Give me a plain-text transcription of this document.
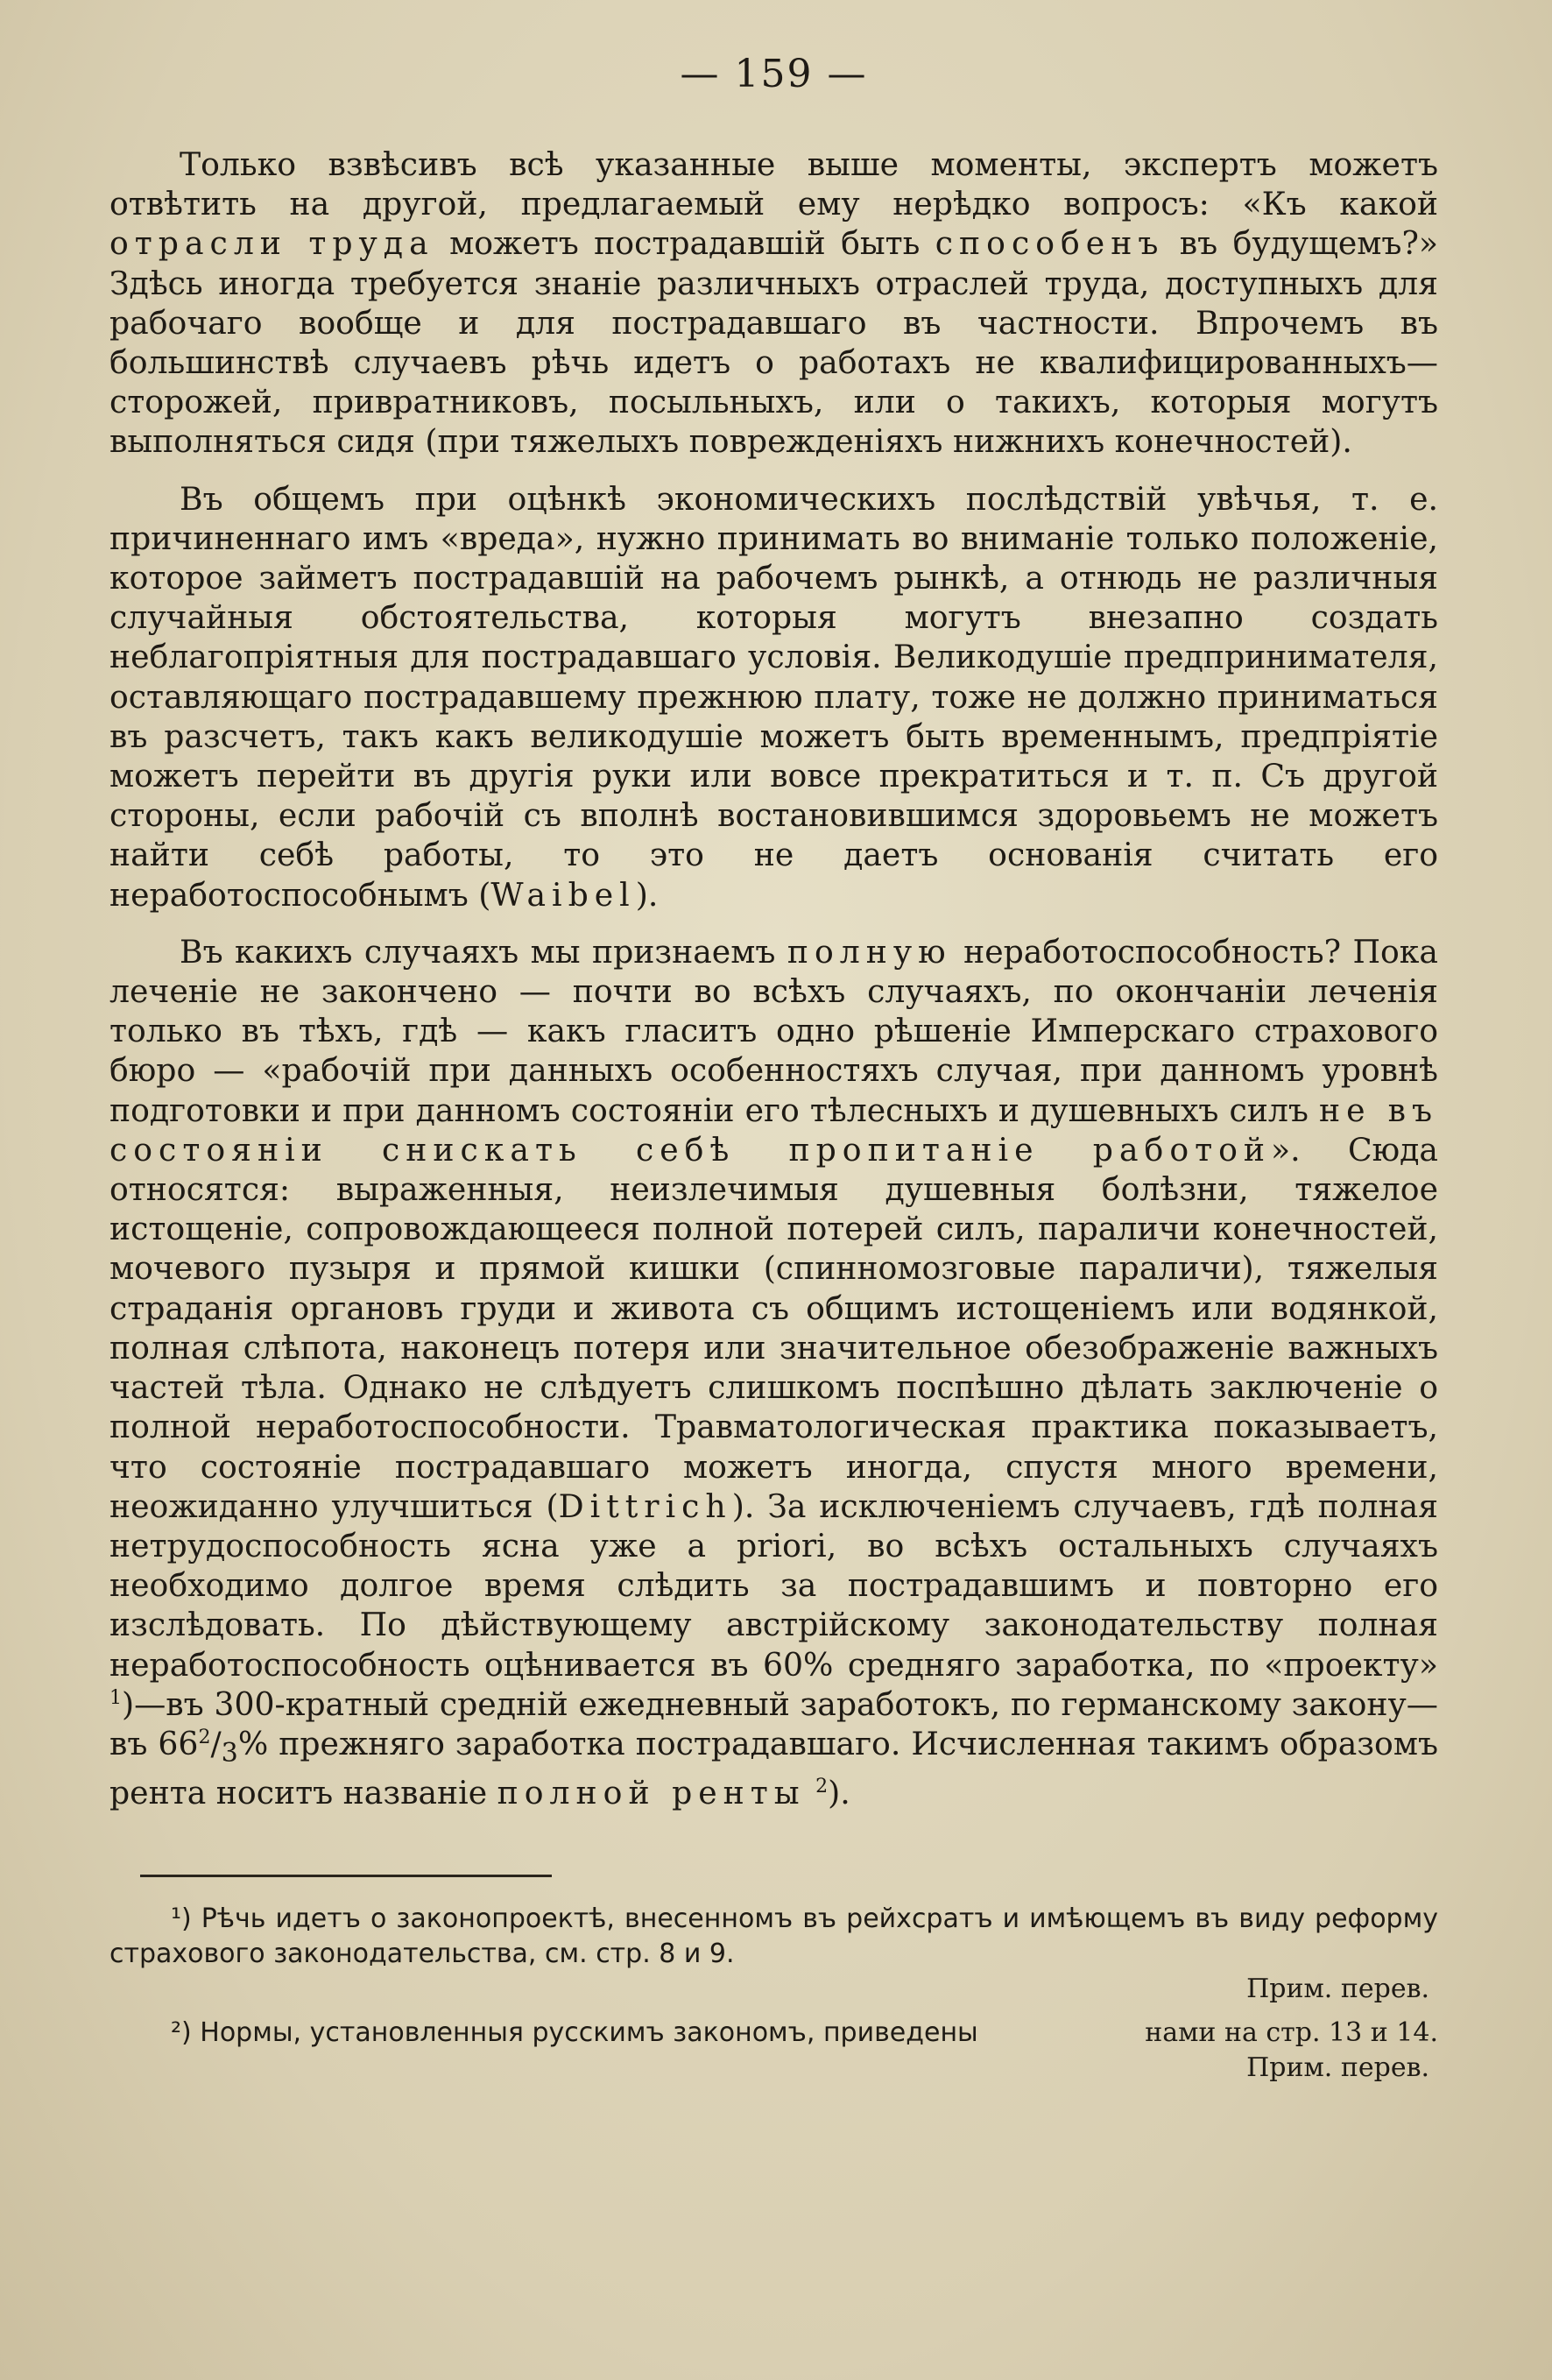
— 159 —

Только взвѣсивъ всѣ указанные выше моменты, экспертъ можетъ отвѣтить на другой, предлагаемый ему нерѣдко вопросъ: «Къ какой отрасли труда можетъ пострадавшій быть способенъ въ будущемъ?» Здѣсь иногда требуется знаніе различныхъ отраслей труда, доступныхъ для рабочаго вообще и для пострадавшаго въ частности. Впрочемъ въ большинствѣ случаевъ рѣчь идетъ о работахъ не квалифицированныхъ—сторожей, привратниковъ, посыльныхъ, или о такихъ, которыя могутъ выполняться сидя (при тяжелыхъ поврежденіяхъ нижнихъ конечностей).

Въ общемъ при оцѣнкѣ экономическихъ послѣдствій увѣчья, т. е. причиненнаго имъ «вреда», нужно принимать во вниманіе только положеніе, которое займетъ пострадавшій на рабочемъ рынкѣ, а отнюдь не различныя случайныя обстоятельства, которыя могутъ внезапно создать неблагопріятныя для пострадавшаго условія. Великодушіе предпринимателя, оставляющаго пострадавшему прежнюю плату, тоже не должно приниматься въ разсчетъ, такъ какъ великодушіе можетъ быть временнымъ, предпріятіе можетъ перейти въ другія руки или вовсе прекратиться и т. п. Съ другой стороны, если рабочій съ вполнѣ востановившимся здоровьемъ не можетъ найти себѣ работы, то это не даетъ основанія считать его неработоспособнымъ (Waibel).

Въ какихъ случаяхъ мы признаемъ полную неработоспособность? Пока леченіе не закончено — почти во всѣхъ случаяхъ, по окончаніи леченія только въ тѣхъ, гдѣ — какъ гласитъ одно рѣшеніе Имперскаго страхового бюро — «рабочій при данныхъ особенностяхъ случая, при данномъ уровнѣ подготовки и при данномъ состояніи его тѣлесныхъ и душевныхъ силъ не въ состояніи снискать себѣ пропитаніе работой». Сюда относятся: выраженныя, неизлечимыя душевныя болѣзни, тяжелое истощеніе, сопровождающееся полной потерей силъ, параличи конечностей, мочевого пузыря и прямой кишки (спинномозговые параличи), тяжелыя страданія органовъ груди и живота съ общимъ истощеніемъ или водянкой, полная слѣпота, наконецъ потеря или значительное обезображеніе важныхъ частей тѣла. Однако не слѣдуетъ слишкомъ поспѣшно дѣлать заключеніе о полной неработоспособности. Травматологическая практика показываетъ, что состояніе пострадавшаго можетъ иногда, спустя много времени, неожиданно улучшиться (Dittrich). За исключеніемъ случаевъ, гдѣ полная нетрудоспособность ясна уже a priori, во всѣхъ остальныхъ случаяхъ необходимо долгое время слѣдить за пострадавшимъ и повторно его изслѣдовать. По дѣйствующему австрійскому законодательству полная неработоспособность оцѣнивается въ 60% средняго заработка, по «проекту» $^1$)—въ 300-кратный средній ежедневный заработокъ, по германскому закону—въ $66^2/_3\%$ прежняго заработка пострадавшаго. Исчисленная такимъ образомъ рента носитъ названіе полной ренты $^2$).

¹) Рѣчь идетъ о законопроектѣ, внесенномъ въ рейхсратъ и имѣющемъ въ виду реформу страхового законодательства, см. стр. 8 и 9.
Прим. перев.
²) Нормы, установленныя русскимъ закономъ, приведены	нами на стр. 13 и 14.
Прим. перев.
